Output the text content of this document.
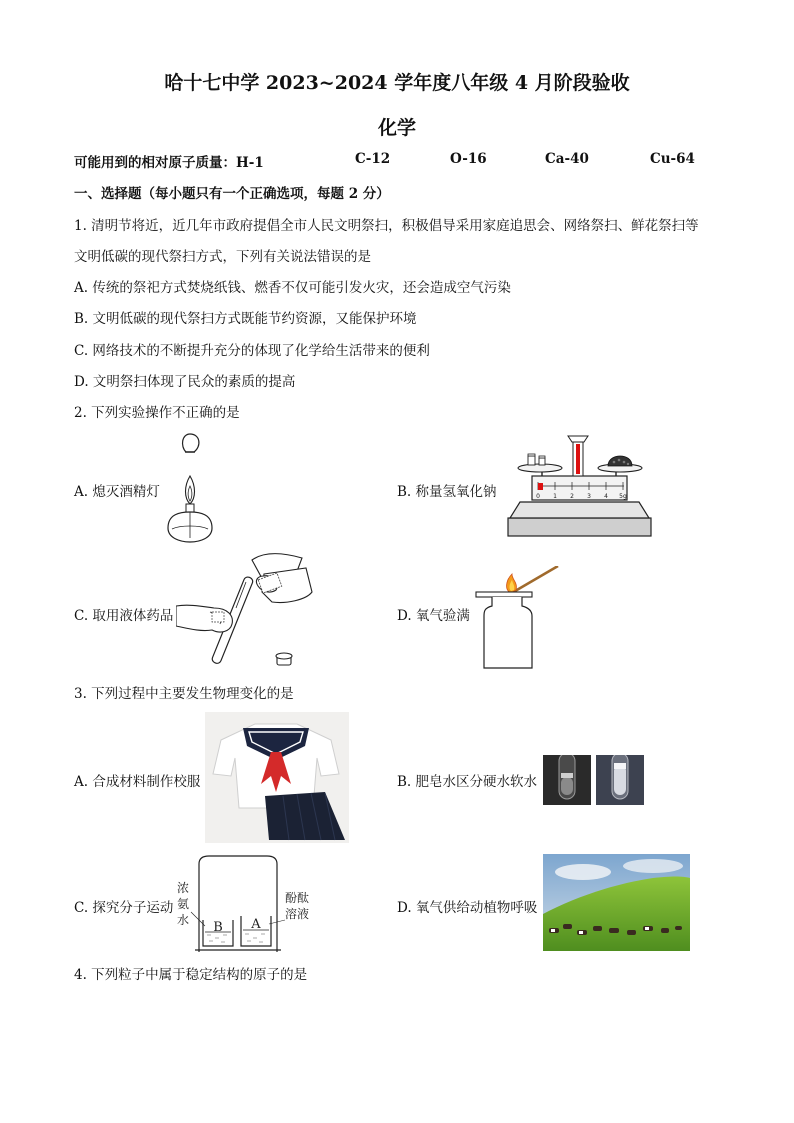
哈十七中学 2023~2024 学年度八年级 4 月阶段验收
化学
可能用到的相对原子质量：H-1	C-12	O-16	Ca-40	Cu-64
一、选择题（每小题只有一个正确选项，每题 2 分）
1. 清明节将近，近几年市政府提倡全市人民文明祭扫，积极倡导采用家庭追思会、网络祭扫、鲜花祭扫等
文明低碳的现代祭扫方式，下列有关说法错误的是
A. 传统的祭祀方式焚烧纸钱、燃香不仅可能引发火灾，还会造成空气污染
B. 文明低碳的现代祭扫方式既能节约资源，又能保护环境
C. 网络技术的不断提升充分的体现了化学给生活带来的便利
D. 文明祭扫体现了民众的素质的提高
2. 下列实验操作不正确的是
A. 熄灭酒精灯	B. 称量氢氧化钠	0 1 2 3 4 5g
C. 取用液体药品	D. 氧气验满
3. 下列过程中主要发生物理变化的是
A. 合成材料制作校服	B. 肥皂水区分硬水软水
C. 探究分子运动
浓
氨
水
酚酞
溶液
B A
D. 氧气供给动植物呼吸
4. 下列粒子中属于稳定结构的原子的是
